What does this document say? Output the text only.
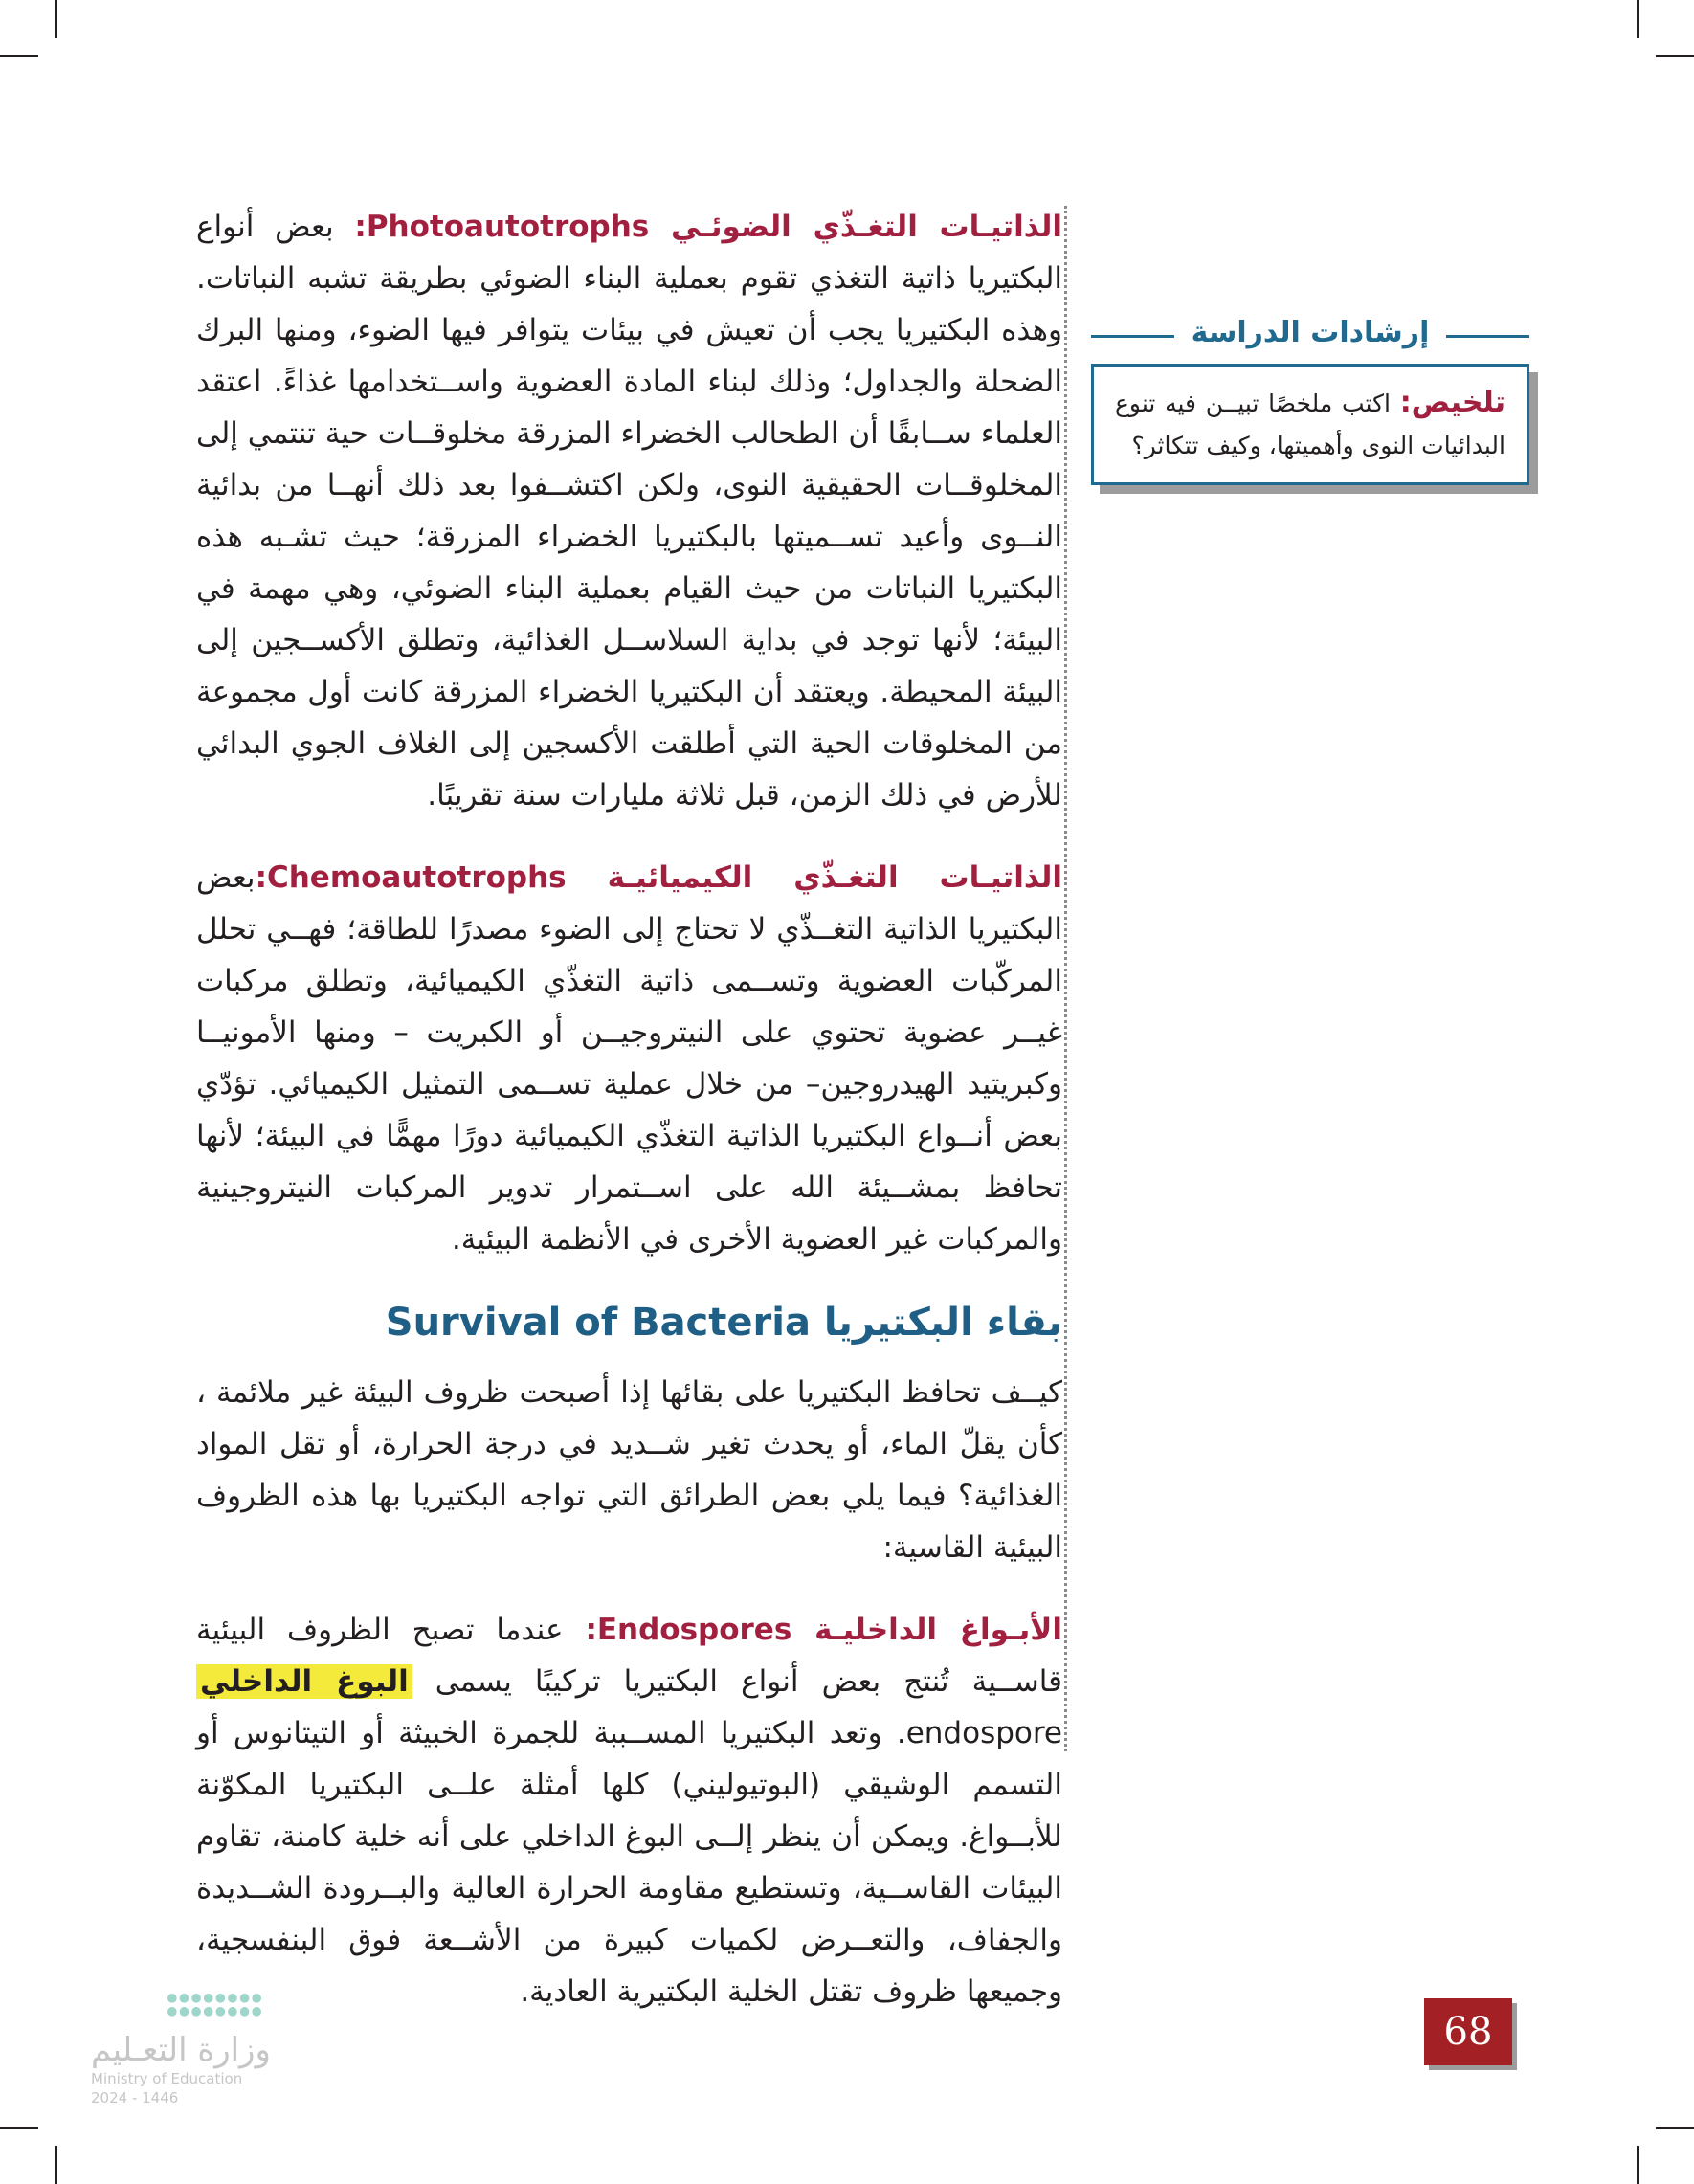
الذاتيـات التغـذّي الضوئـي Photoautotrophs: بعض أنواع البكتيريا ذاتية التغذي تقوم بعملية البناء الضوئي بطريقة تشبه النباتات. وهذه البكتيريا يجب أن تعيش في بيئات يتوافر فيها الضوء، ومنها البرك الضحلة والجداول؛ وذلك لبناء المادة العضوية واســتخدامها غذاءً. اعتقد العلماء ســابقًا أن الطحالب الخضراء المزرقة مخلوقــات حية تنتمي إلى المخلوقــات الحقيقية النوى، ولكن اكتشــفوا بعد ذلك أنهــا من بدائية النــوى وأعيد تســميتها بالبكتيريا الخضراء المزرقة؛ حيث تشـبه هذه البكتيريا النباتات من حيث القيام بعملية البناء الضوئي، وهي مهمة في البيئة؛ لأنها توجد في بداية السلاســل الغذائية، وتطلق الأكســجين إلى البيئة المحيطة. ويعتقد أن البكتيريا الخضراء المزرقة كانت أول مجموعة من المخلوقات الحية التي أطلقت الأكسجين إلى الغلاف الجوي البدائي للأرض في ذلك الزمن، قبل ثلاثة مليارات سنة تقريبًا.

الذاتيـات التغـذّي الكيميائيـة Chemoautotrophs:بعض البكتيريا الذاتية التغــذّي لا تحتاج إلى الضوء مصدرًا للطاقة؛ فهــي تحلل المركّبات العضوية وتســمى ذاتية التغذّي الكيميائية، وتطلق مركبات غيــر عضوية تحتوي على النيتروجيــن أو الكبريت – ومنها الأمونيــا وكبريتيد الهيدروجين– من خلال عملية تســمى التمثيل الكيميائي. تؤدّي بعض أنــواع البكتيريا الذاتية التغذّي الكيميائية دورًا مهمًّا في البيئة؛ لأنها تحافظ بمشــيئة الله على اســتمرار تدوير المركبات النيتروجينية والمركبات غير العضوية الأخرى في الأنظمة البيئية.

بقاء البكتيريا Survival of Bacteria

كيــف تحافظ البكتيريا على بقائها إذا أصبحت ظروف البيئة غير ملائمة ، كأن يقلّ الماء، أو يحدث تغير شــديد في درجة الحرارة، أو تقل المواد الغذائية؟ فيما يلي بعض الطرائق التي تواجه البكتيريا بها هذه الظروف البيئية القاسية:

الأبـواغ الداخليـة Endospores: عندما تصبح الظروف البيئية قاســية تُنتج بعض أنواع البكتيريا تركيبًا يسمى البوغ الداخلي endospore. وتعد البكتيريا المســببة للجمرة الخبيثة أو التيتانوس أو التسمم الوشيقي (البوتيوليني) كلها أمثلة علــى البكتيريا المكوّنة للأبــواغ. ويمكن أن ينظر إلــى البوغ الداخلي على أنه خلية كامنة، تقاوم البيئات القاســية، وتستطيع مقاومة الحرارة العالية والبــرودة الشــديدة والجفاف، والتعــرض لكميات كبيرة من الأشــعة فوق البنفسجية، وجميعها ظروف تقتل الخلية البكتيرية العادية.

إرشادات الدراسة
تلخيص: اكتب ملخصًا تبيــن فيه تنوع البدائيات النوى وأهميتها، وكيف تتكاثر؟
68
●●●●●●●●
●●●●●●●●
وزارة التعـليم
Ministry of Education
2024 - 1446
